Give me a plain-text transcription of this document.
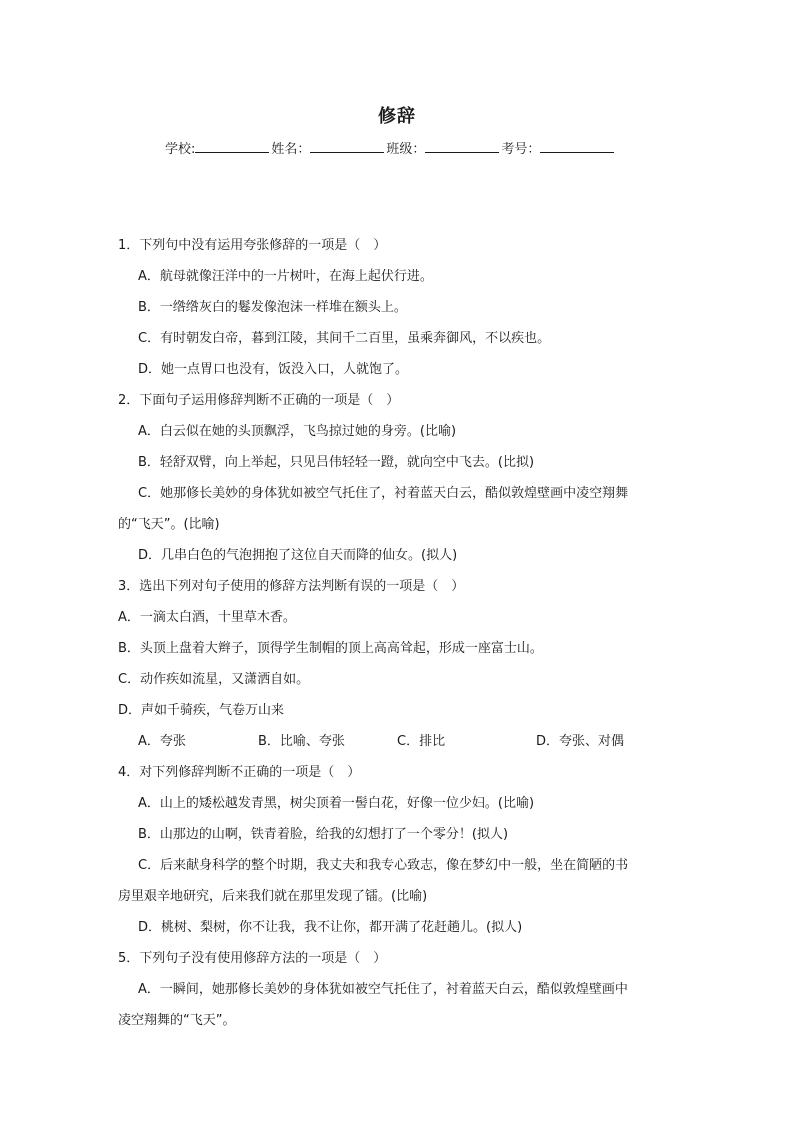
修辞
学校:	姓名：	班级：	考号：
1．下列句中没有运用夸张修辞的一项是（　）
A．航母就像汪洋中的一片树叶，在海上起伏行进。
B．一绺绺灰白的鬈发像泡沫一样堆在额头上。
C．有时朝发白帝，暮到江陵，其间千二百里，虽乘奔御风，不以疾也。
D．她一点胃口也没有，饭没入口，人就饱了。
2．下面句子运用修辞判断不正确的一项是（　）
A．白云似在她的头顶飘浮，飞鸟掠过她的身旁。(比喻)
B．轻舒双臂，向上举起，只见吕伟轻轻一蹬，就向空中飞去。(比拟)
C．她那修长美妙的身体犹如被空气托住了，衬着蓝天白云，酷似敦煌壁画中凌空翔舞
的“飞天”。(比喻)
D．几串白色的气泡拥抱了这位自天而降的仙女。(拟人)
3．选出下列对句子使用的修辞方法判断有误的一项是（　）
A．一滴太白酒，十里草木香。
B．头顶上盘着大辫子，顶得学生制帽的顶上高高耸起，形成一座富士山。
C．动作疾如流星，又潇洒自如。
D．声如千骑疾，气卷万山来
A．夸张	B．比喻、夸张	C．排比	D．夸张、对偶
4．对下列修辞判断不正确的一项是（　）
A．山上的矮松越发青黑，树尖顶着一髻白花，好像一位少妇。(比喻)
B．山那边的山啊，铁青着脸，给我的幻想打了一个零分！(拟人)
C．后来献身科学的整个时期，我丈夫和我专心致志，像在梦幻中一般，坐在简陋的书
房里艰辛地研究，后来我们就在那里发现了镭。(比喻)
D．桃树、梨树，你不让我，我不让你，都开满了花赶趟儿。(拟人)
5．下列句子没有使用修辞方法的一项是（　）
A．一瞬间，她那修长美妙的身体犹如被空气托住了，衬着蓝天白云，酷似敦煌壁画中
凌空翔舞的“飞天”。
